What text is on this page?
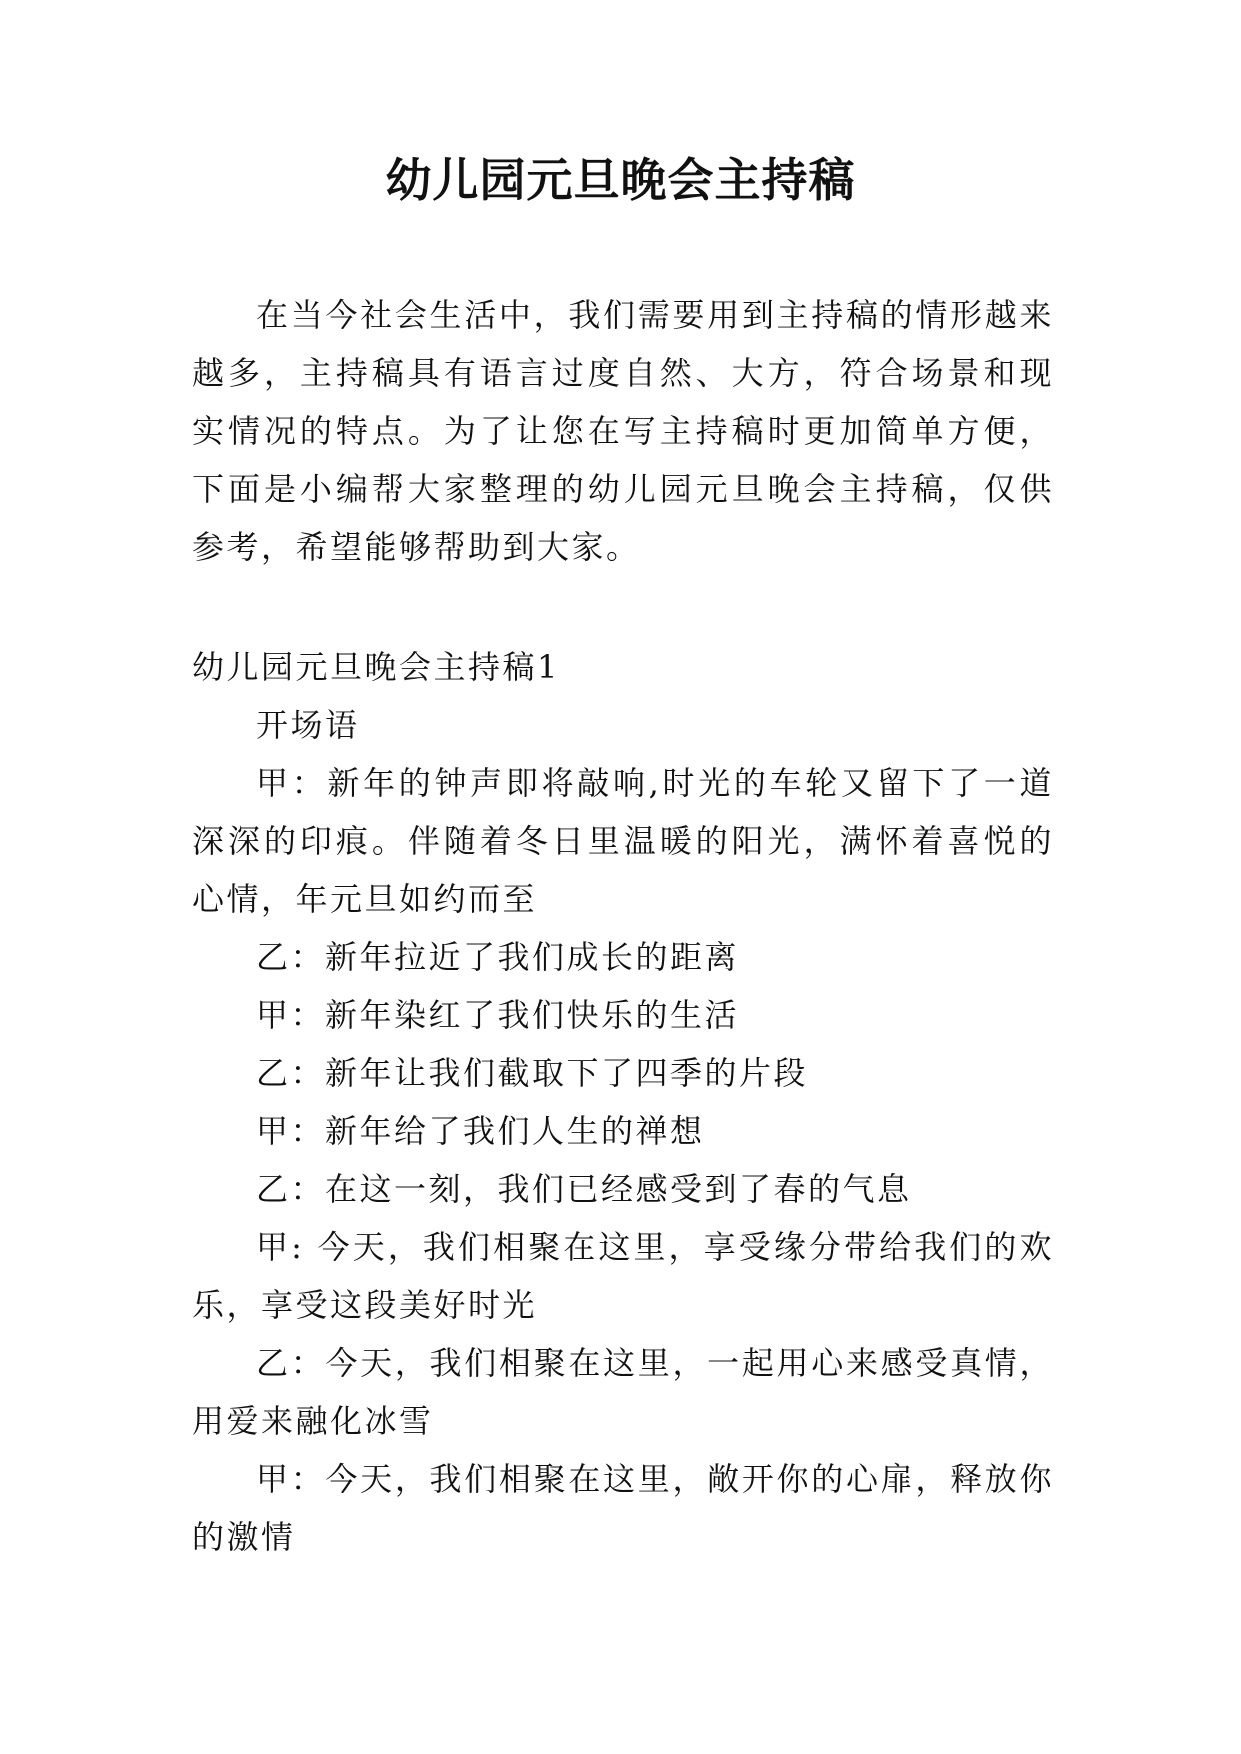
幼儿园元旦晚会主持稿
在当今社会生活中，我们需要用到主持稿的情形越来越多，主持稿具有语言过度自然、大方，符合场景和现实情况的特点。为了让您在写主持稿时更加简单方便，下面是小编帮大家整理的幼儿园元旦晚会主持稿，仅供参考，希望能够帮助到大家。

幼儿园元旦晚会主持稿1

开场语

甲：新年的钟声即将敲响,时光的车轮又留下了一道深深的印痕。伴随着冬日里温暖的阳光，满怀着喜悦的心情，年元旦如约而至

乙：新年拉近了我们成长的距离

甲：新年染红了我们快乐的生活

乙：新年让我们截取下了四季的片段

甲：新年给了我们人生的禅想

乙：在这一刻，我们已经感受到了春的气息

甲: 今天，我们相聚在这里，享受缘分带给我们的欢乐，享受这段美好时光

乙：今天，我们相聚在这里，一起用心来感受真情，用爱来融化冰雪

甲：今天，我们相聚在这里，敞开你的心扉，释放你的激情
